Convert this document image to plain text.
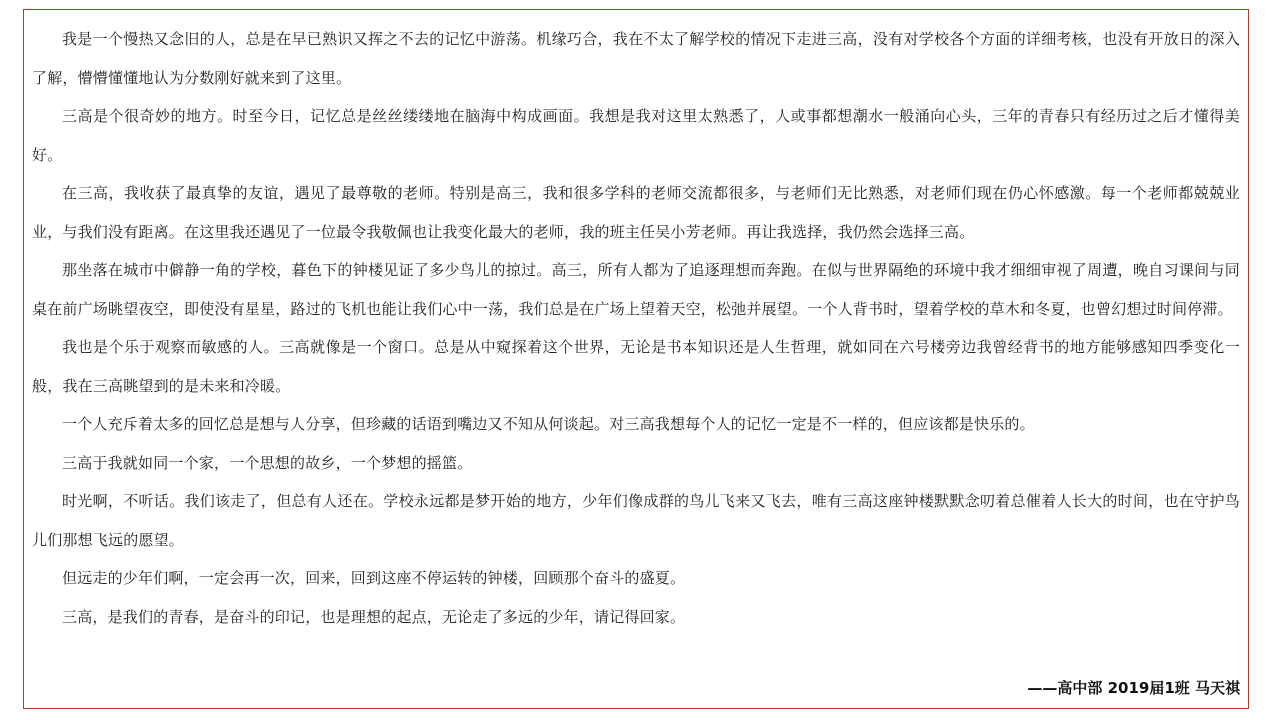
我是一个慢热又念旧的人，总是在早已熟识又挥之不去的记忆中游荡。机缘巧合，我在不太了解学校的情况下走进三高，没有对学校各个方面的详细考核，也没有开放日的深入了解，懵懵懂懂地认为分数刚好就来到了这里。

三高是个很奇妙的地方。时至今日，记忆总是丝丝缕缕地在脑海中构成画面。我想是我对这里太熟悉了，人或事都想潮水一般涌向心头，三年的青春只有经历过之后才懂得美好。

在三高，我收获了最真挚的友谊，遇见了最尊敬的老师。特别是高三，我和很多学科的老师交流都很多，与老师们无比熟悉，对老师们现在仍心怀感激。每一个老师都兢兢业业，与我们没有距离。在这里我还遇见了一位最令我敬佩也让我变化最大的老师，我的班主任吴小芳老师。再让我选择，我仍然会选择三高。

那坐落在城市中僻静一角的学校，暮色下的钟楼见证了多少鸟儿的掠过。高三，所有人都为了追逐理想而奔跑。在似与世界隔绝的环境中我才细细审视了周遭，晚自习课间与同桌在前广场眺望夜空，即使没有星星，路过的飞机也能让我们心中一荡，我们总是在广场上望着天空，松弛并展望。一个人背书时，望着学校的草木和冬夏，也曾幻想过时间停滞。

我也是个乐于观察而敏感的人。三高就像是一个窗口。总是从中窥探着这个世界，无论是书本知识还是人生哲理，就如同在六号楼旁边我曾经背书的地方能够感知四季变化一般，我在三高眺望到的是未来和冷暖。

一个人充斥着太多的回忆总是想与人分享，但珍藏的话语到嘴边又不知从何谈起。对三高我想每个人的记忆一定是不一样的，但应该都是快乐的。

三高于我就如同一个家，一个思想的故乡，一个梦想的摇篮。

时光啊，不听话。我们该走了，但总有人还在。学校永远都是梦开始的地方，少年们像成群的鸟儿飞来又飞去，唯有三高这座钟楼默默念叨着总催着人长大的时间，也在守护鸟儿们那想飞远的愿望。

但远走的少年们啊，一定会再一次，回来，回到这座不停运转的钟楼，回顾那个奋斗的盛夏。

三高，是我们的青春，是奋斗的印记，也是理想的起点，无论走了多远的少年，请记得回家。

——高中部 2019届1班 马天祺
